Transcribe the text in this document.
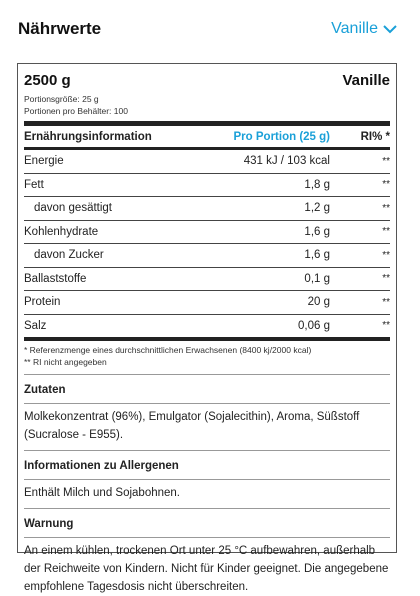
Nährwerte	Vanille
2500 g	Vanille
Portionsgröße: 25 g
Portionen pro Behälter: 100
Ernährungsinformation	Pro Portion (25 g)	RI% *
Energie	431 kJ / 103 kcal	**
Fett	1,8 g	**
davon gesättigt	1,2 g	**
Kohlenhydrate	1,6 g	**
davon Zucker	1,6 g	**
Ballaststoffe	0,1 g	**
Protein	20 g	**
Salz	0,06 g	**
* Referenzmenge eines durchschnittlichen Erwachsenen (8400 kj/2000 kcal)
** RI nicht angegeben
Zutaten
Molkekonzentrat (96%), Emulgator (Sojalecithin), Aroma, Süßstoff (Sucralose - E955).
Informationen zu Allergenen
Enthält Milch und Sojabohnen.
Warnung
An einem kühlen, trockenen Ort unter 25 °C aufbewahren, außerhalb der Reichweite von Kindern. Nicht für Kinder geeignet. Die angegebene empfohlene Tagesdosis nicht überschreiten.
